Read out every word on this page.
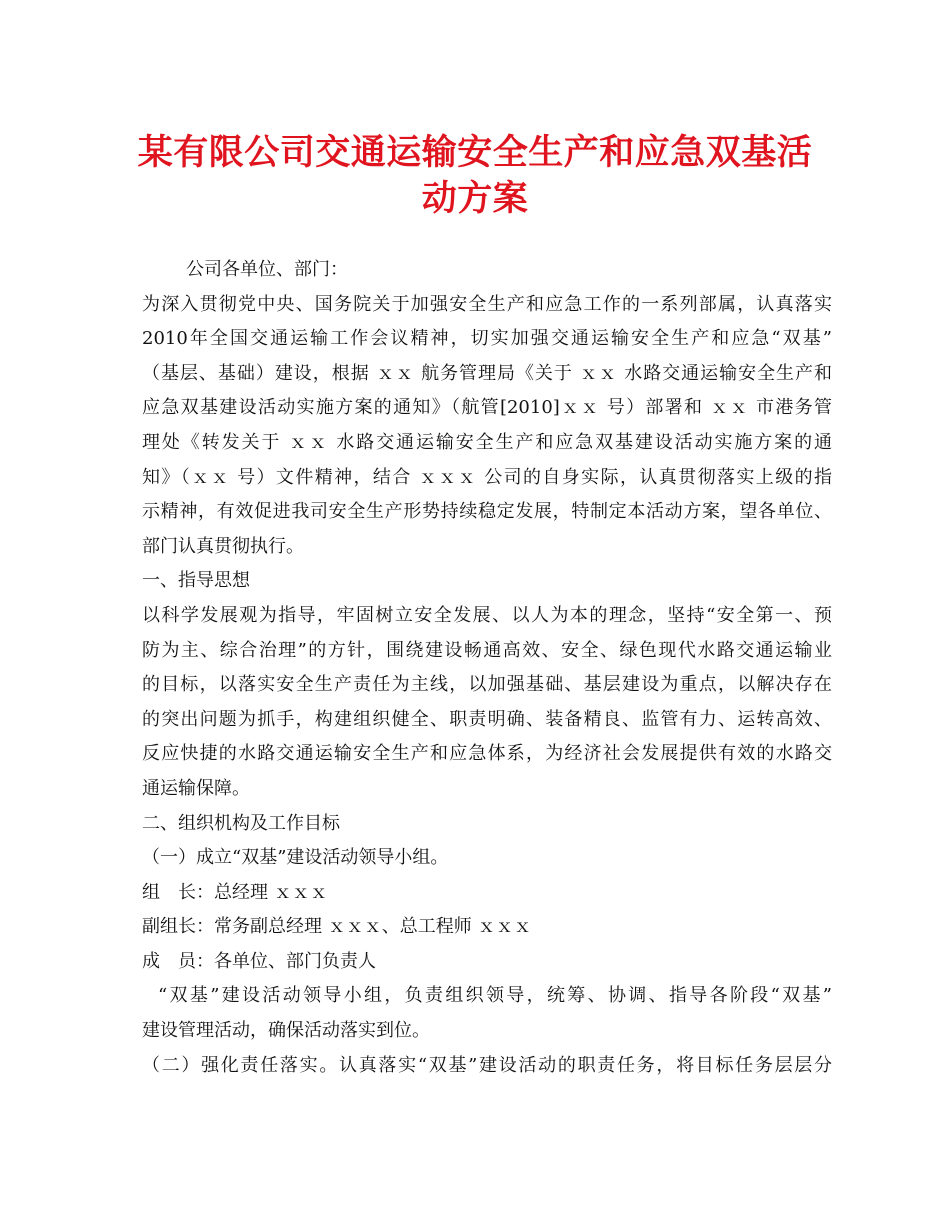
某有限公司交通运输安全生产和应急双基活
动方案
公司各单位、部门：
为深入贯彻党中央、国务院关于加强安全生产和应急工作的一系列部属，认真落实
2010年全国交通运输工作会议精神，切实加强交通运输安全生产和应急“双基”
（基层、基础）建设，根据 ｘｘ 航务管理局《关于 ｘｘ 水路交通运输安全生产和
应急双基建设活动实施方案的通知》（航管[2010]ｘｘ 号）部署和 ｘｘ 市港务管
理处《转发关于 ｘｘ 水路交通运输安全生产和应急双基建设活动实施方案的通
知》（ｘｘ 号）文件精神，结合 ｘｘｘ 公司的自身实际，认真贯彻落实上级的指
示精神，有效促进我司安全生产形势持续稳定发展，特制定本活动方案，望各单位、
部门认真贯彻执行。
一、指导思想
以科学发展观为指导，牢固树立安全发展、以人为本的理念，坚持“安全第一、预
防为主、综合治理”的方针，围绕建设畅通高效、安全、绿色现代水路交通运输业
的目标，以落实安全生产责任为主线，以加强基础、基层建设为重点，以解决存在
的突出问题为抓手，构建组织健全、职责明确、装备精良、监管有力、运转高效、
反应快捷的水路交通运输安全生产和应急体系，为经济社会发展提供有效的水路交
通运输保障。
二、组织机构及工作目标
（一）成立“双基”建设活动领导小组。
组　长：总经理 ｘｘｘ
副组长：常务副总经理 ｘｘｘ、总工程师 ｘｘｘ
成　员：各单位、部门负责人
“双基”建设活动领导小组，负责组织领导，统筹、协调、指导各阶段“双基”
建设管理活动，确保活动落实到位。
（二）强化责任落实。认真落实“双基”建设活动的职责任务，将目标任务层层分
